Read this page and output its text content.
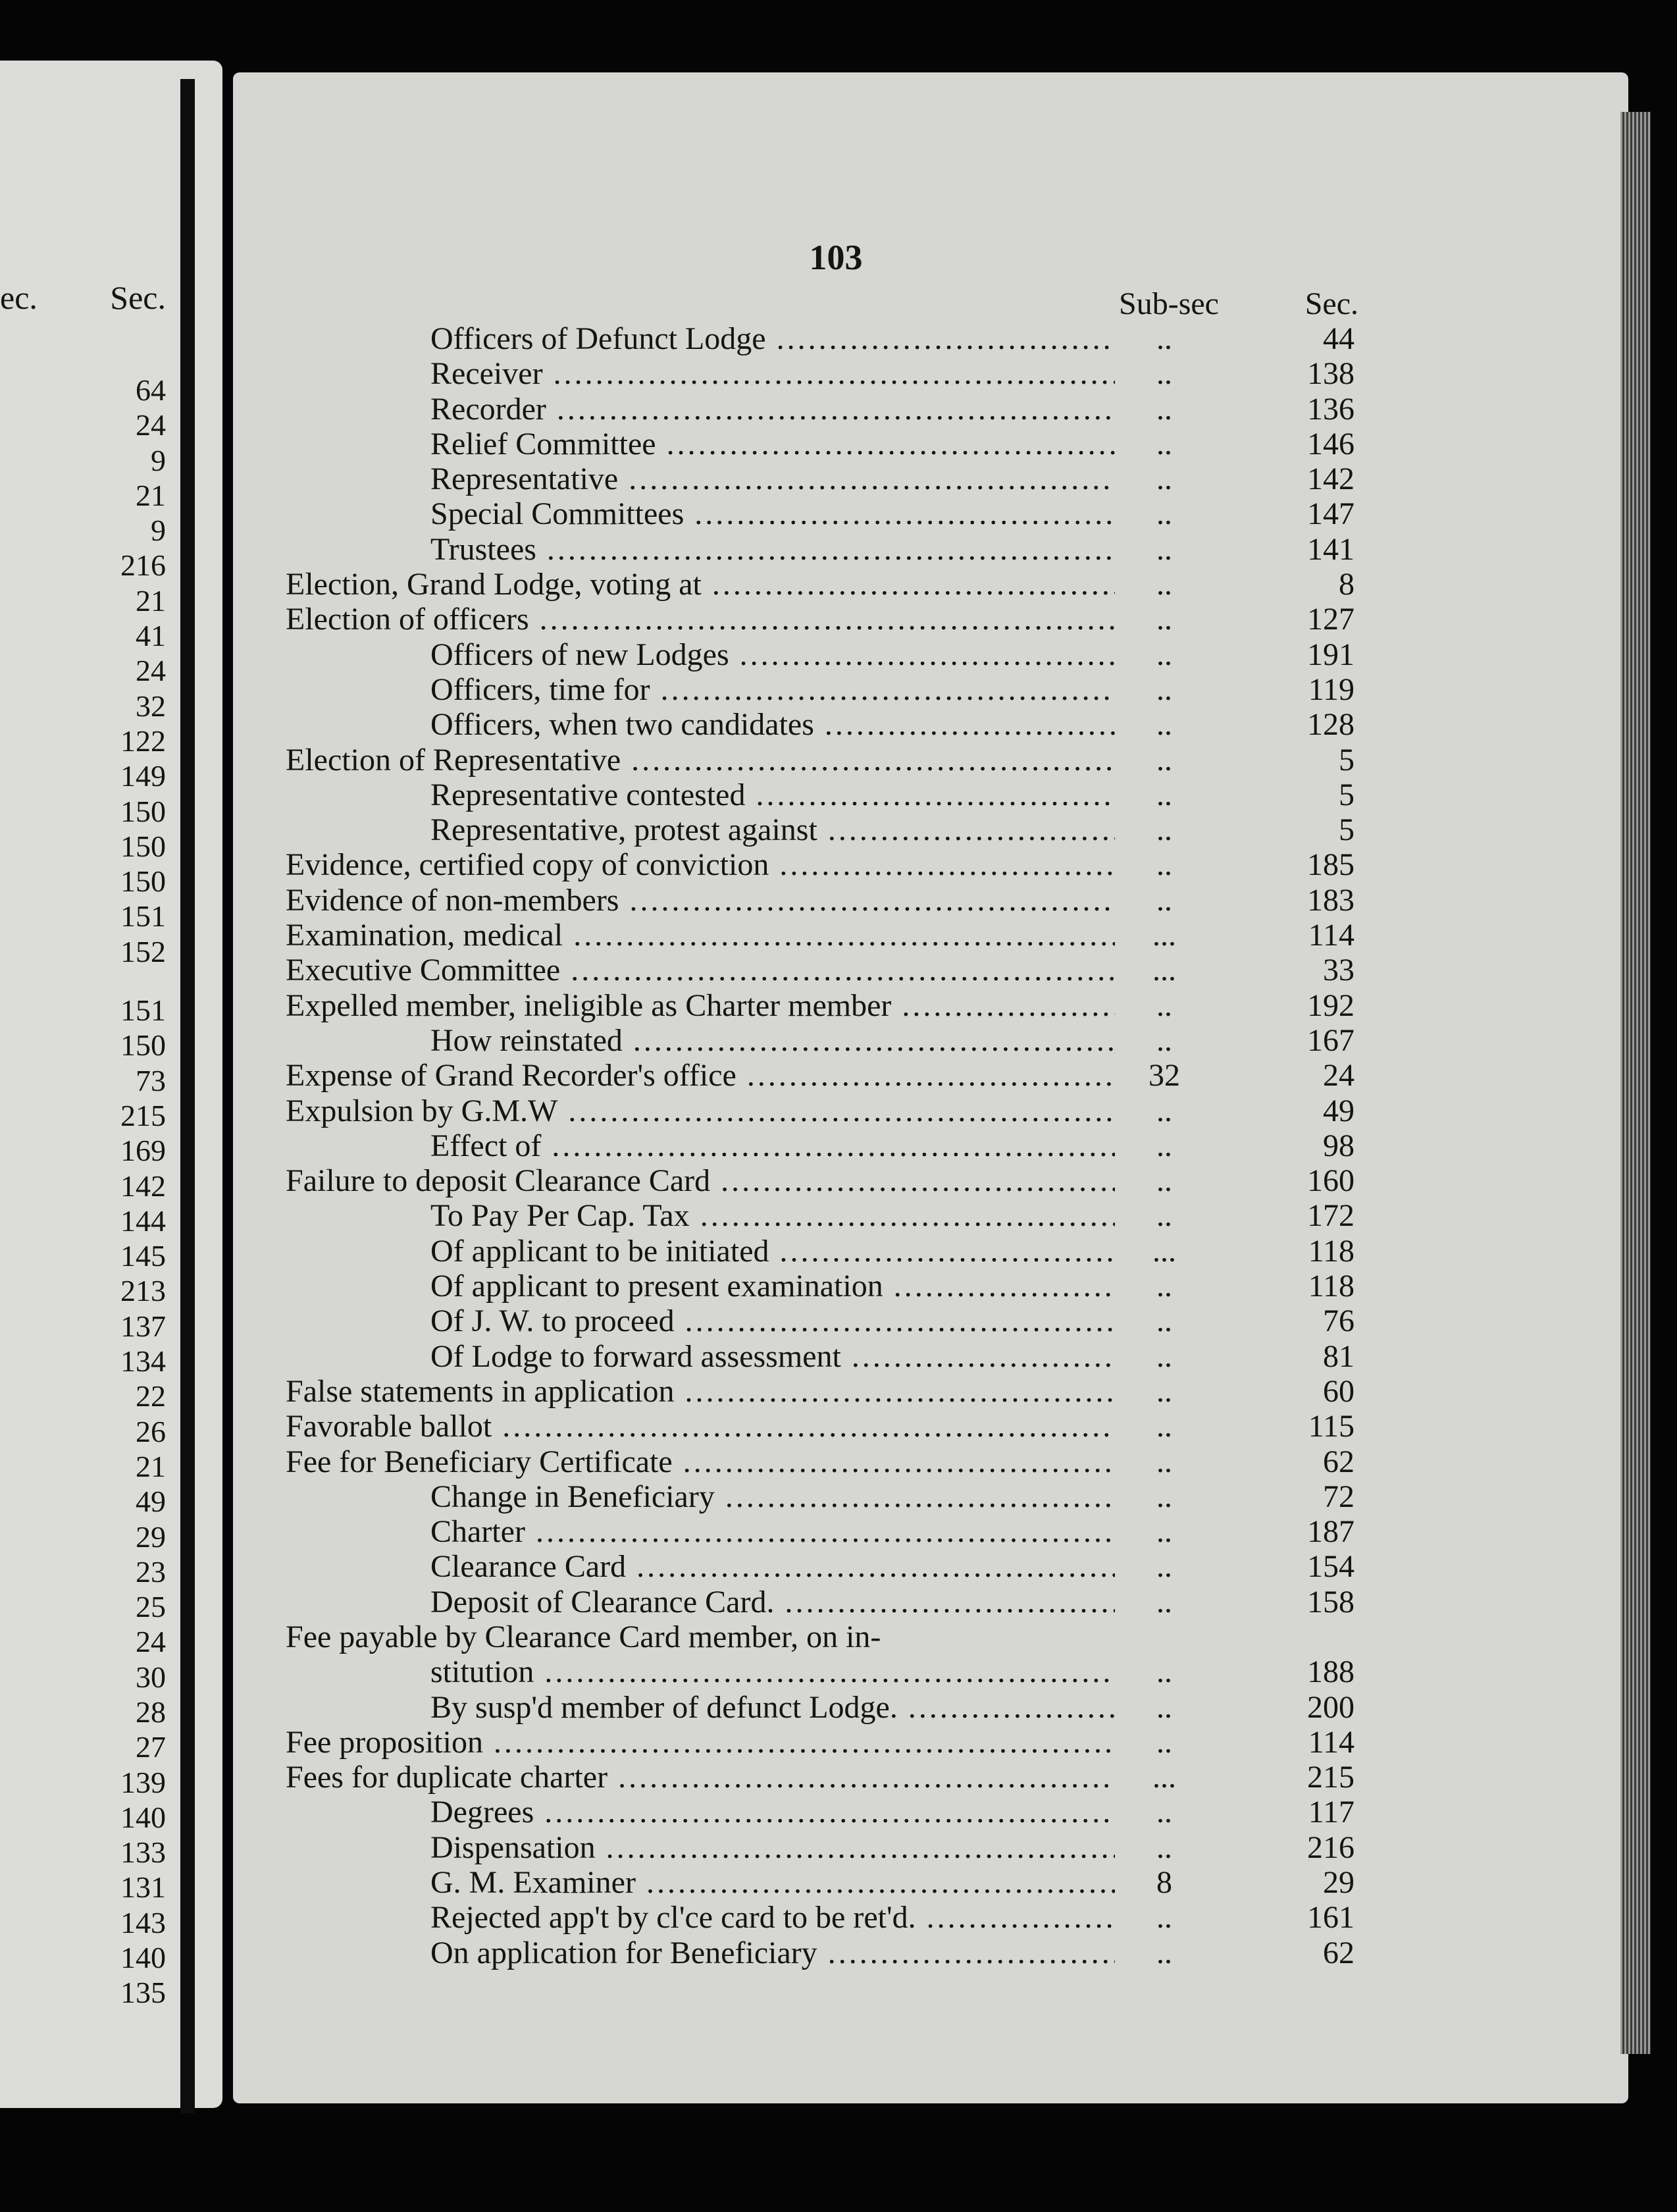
ec.	Sec.
64
24
9
21
9
216
21
41
24
32
122
149
150
150
150
151
152
151
150
73
215
169
142
144
145
213
137
134
22
26
21
49
29
23
25
24
30
28
27
139
140
133
131
143
140
135
103
Sub-sec	Sec.
Officers of Defunct Lodge .....	..	44
Receiver .....	..	138
Recorder .....	..	136
Relief Committee .....	..	146
Representative .....	..	142
Special Committees .....	..	147
Trustees .....	..	141
Election, Grand Lodge, voting at .....	..	8
Election of officers .....	..	127
Officers of new Lodges .....	..	191
Officers, time for .....	..	119
Officers, when two candidates .....	..	128
Election of Representative .....	..	5
Representative contested .....	..	5
Representative, protest against .....	..	5
Evidence, certified copy of conviction .....	..	185
Evidence of non-members .....	..	183
Examination, medical .....	...	114
Executive Committee .....	...	33
Expelled member, ineligible as Charter member .....	..	192
How reinstated .....	..	167
Expense of Grand Recorder's office .....	32	24
Expulsion by G.M.W .....	..	49
Effect of .....	..	98
Failure to deposit Clearance Card .....	..	160
To Pay Per Cap. Tax .....	..	172
Of applicant to be initiated .....	...	118
Of applicant to present examination .....	..	118
Of J. W. to proceed .....	..	76
Of Lodge to forward assessment .....	..	81
False statements in application .....	..	60
Favorable ballot .....	..	115
Fee for Beneficiary Certificate .....	..	62
Change in Beneficiary .....	..	72
Charter .....	..	187
Clearance Card .....	..	154
Deposit of Clearance Card. .....	..	158
Fee payable by Clearance Card member, on in-
stitution .....	..	188
By susp'd member of defunct Lodge. .....	..	200
Fee proposition .....	..	114
Fees for duplicate charter .....	...	215
Degrees .....	..	117
Dispensation .....	..	216
G. M. Examiner .....	8	29
Rejected app't by cl'ce card to be ret'd. .....	..	161
On application for Beneficiary .....	..	62
